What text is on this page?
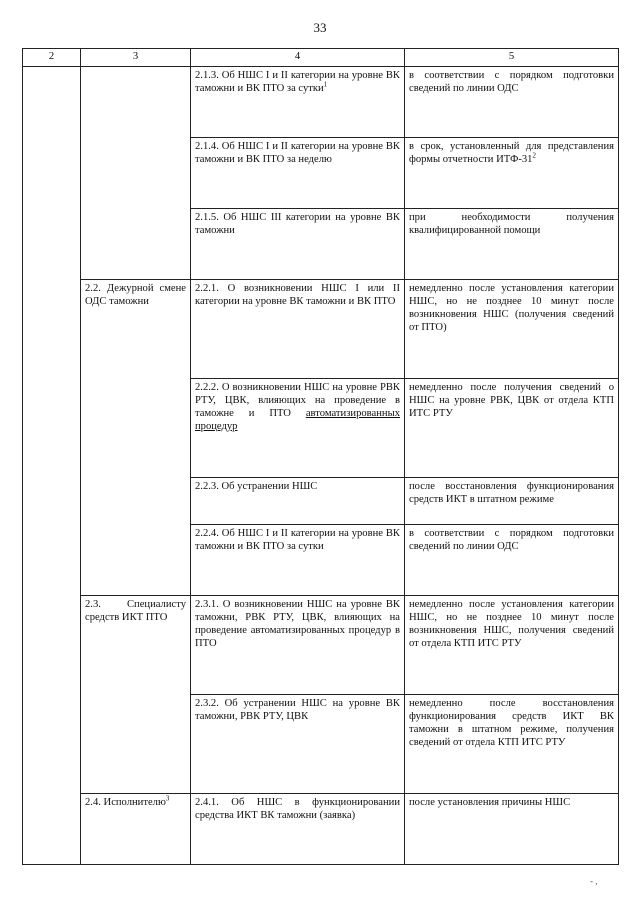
33
2	3	4	5
		2.1.3. Об НШС I и II категории на уровне ВК таможни и ВК ПТО за сутки$^1$	в соответствии с порядком подготовки сведений по линии ОДС
		2.1.4. Об НШС I и II категории на уровне ВК таможни и ВК ПТО за неделю	в срок, установленный для представления формы отчетности ИТФ-$31^2$
		2.1.5. Об НШС III категории на уровне ВК таможни	при необходимости получения квалифицированной помощи
	2.2. Дежурной смене ОДС таможни	2.2.1. О возникновении НШС I или II категории на уровне ВК таможни и ВК ПТО	немедленно после установления категории НШС, но не позднее 10 минут после возникновения НШС (получения сведений от ПТО)
		2.2.2. О возникновении НШС на уровне РВК РТУ, ЦВК, влияющих на проведение в таможне и ПТО автоматизированных процедур	немедленно после получения сведений о НШС на уровне РВК, ЦВК от отдела КТП ИТС РТУ
		2.2.3. Об устранении НШС	после восстановления функционирования средств ИКТ в штатном режиме
		2.2.4. Об НШС I и II категории на уровне ВК таможни и ВК ПТО за сутки	в соответствии с порядком подготовки сведений по линии ОДС
	2.3. Специалисту средств ИКТ ПТО	2.3.1. О возникновении НШС на уровне ВК таможни, РВК РТУ, ЦВК, влияющих на проведение автоматизированных процедур в ПТО	немедленно после установления категории НШС, но не позднее 10 минут после возникновения НШС, получения сведений от отдела КТП ИТС РТУ
		2.3.2. Об устранении НШС на уровне ВК таможни, РВК РТУ, ЦВК	немедленно после восстановления функционирования средств ИКТ ВК таможни в штатном режиме, получения сведений от отдела КТП ИТС РТУ
	2.4. Исполнителю$^3$	2.4.1. Об НШС в функционировании средства ИКТ ВК таможни (заявка)	после установления причины НШС
- ,
